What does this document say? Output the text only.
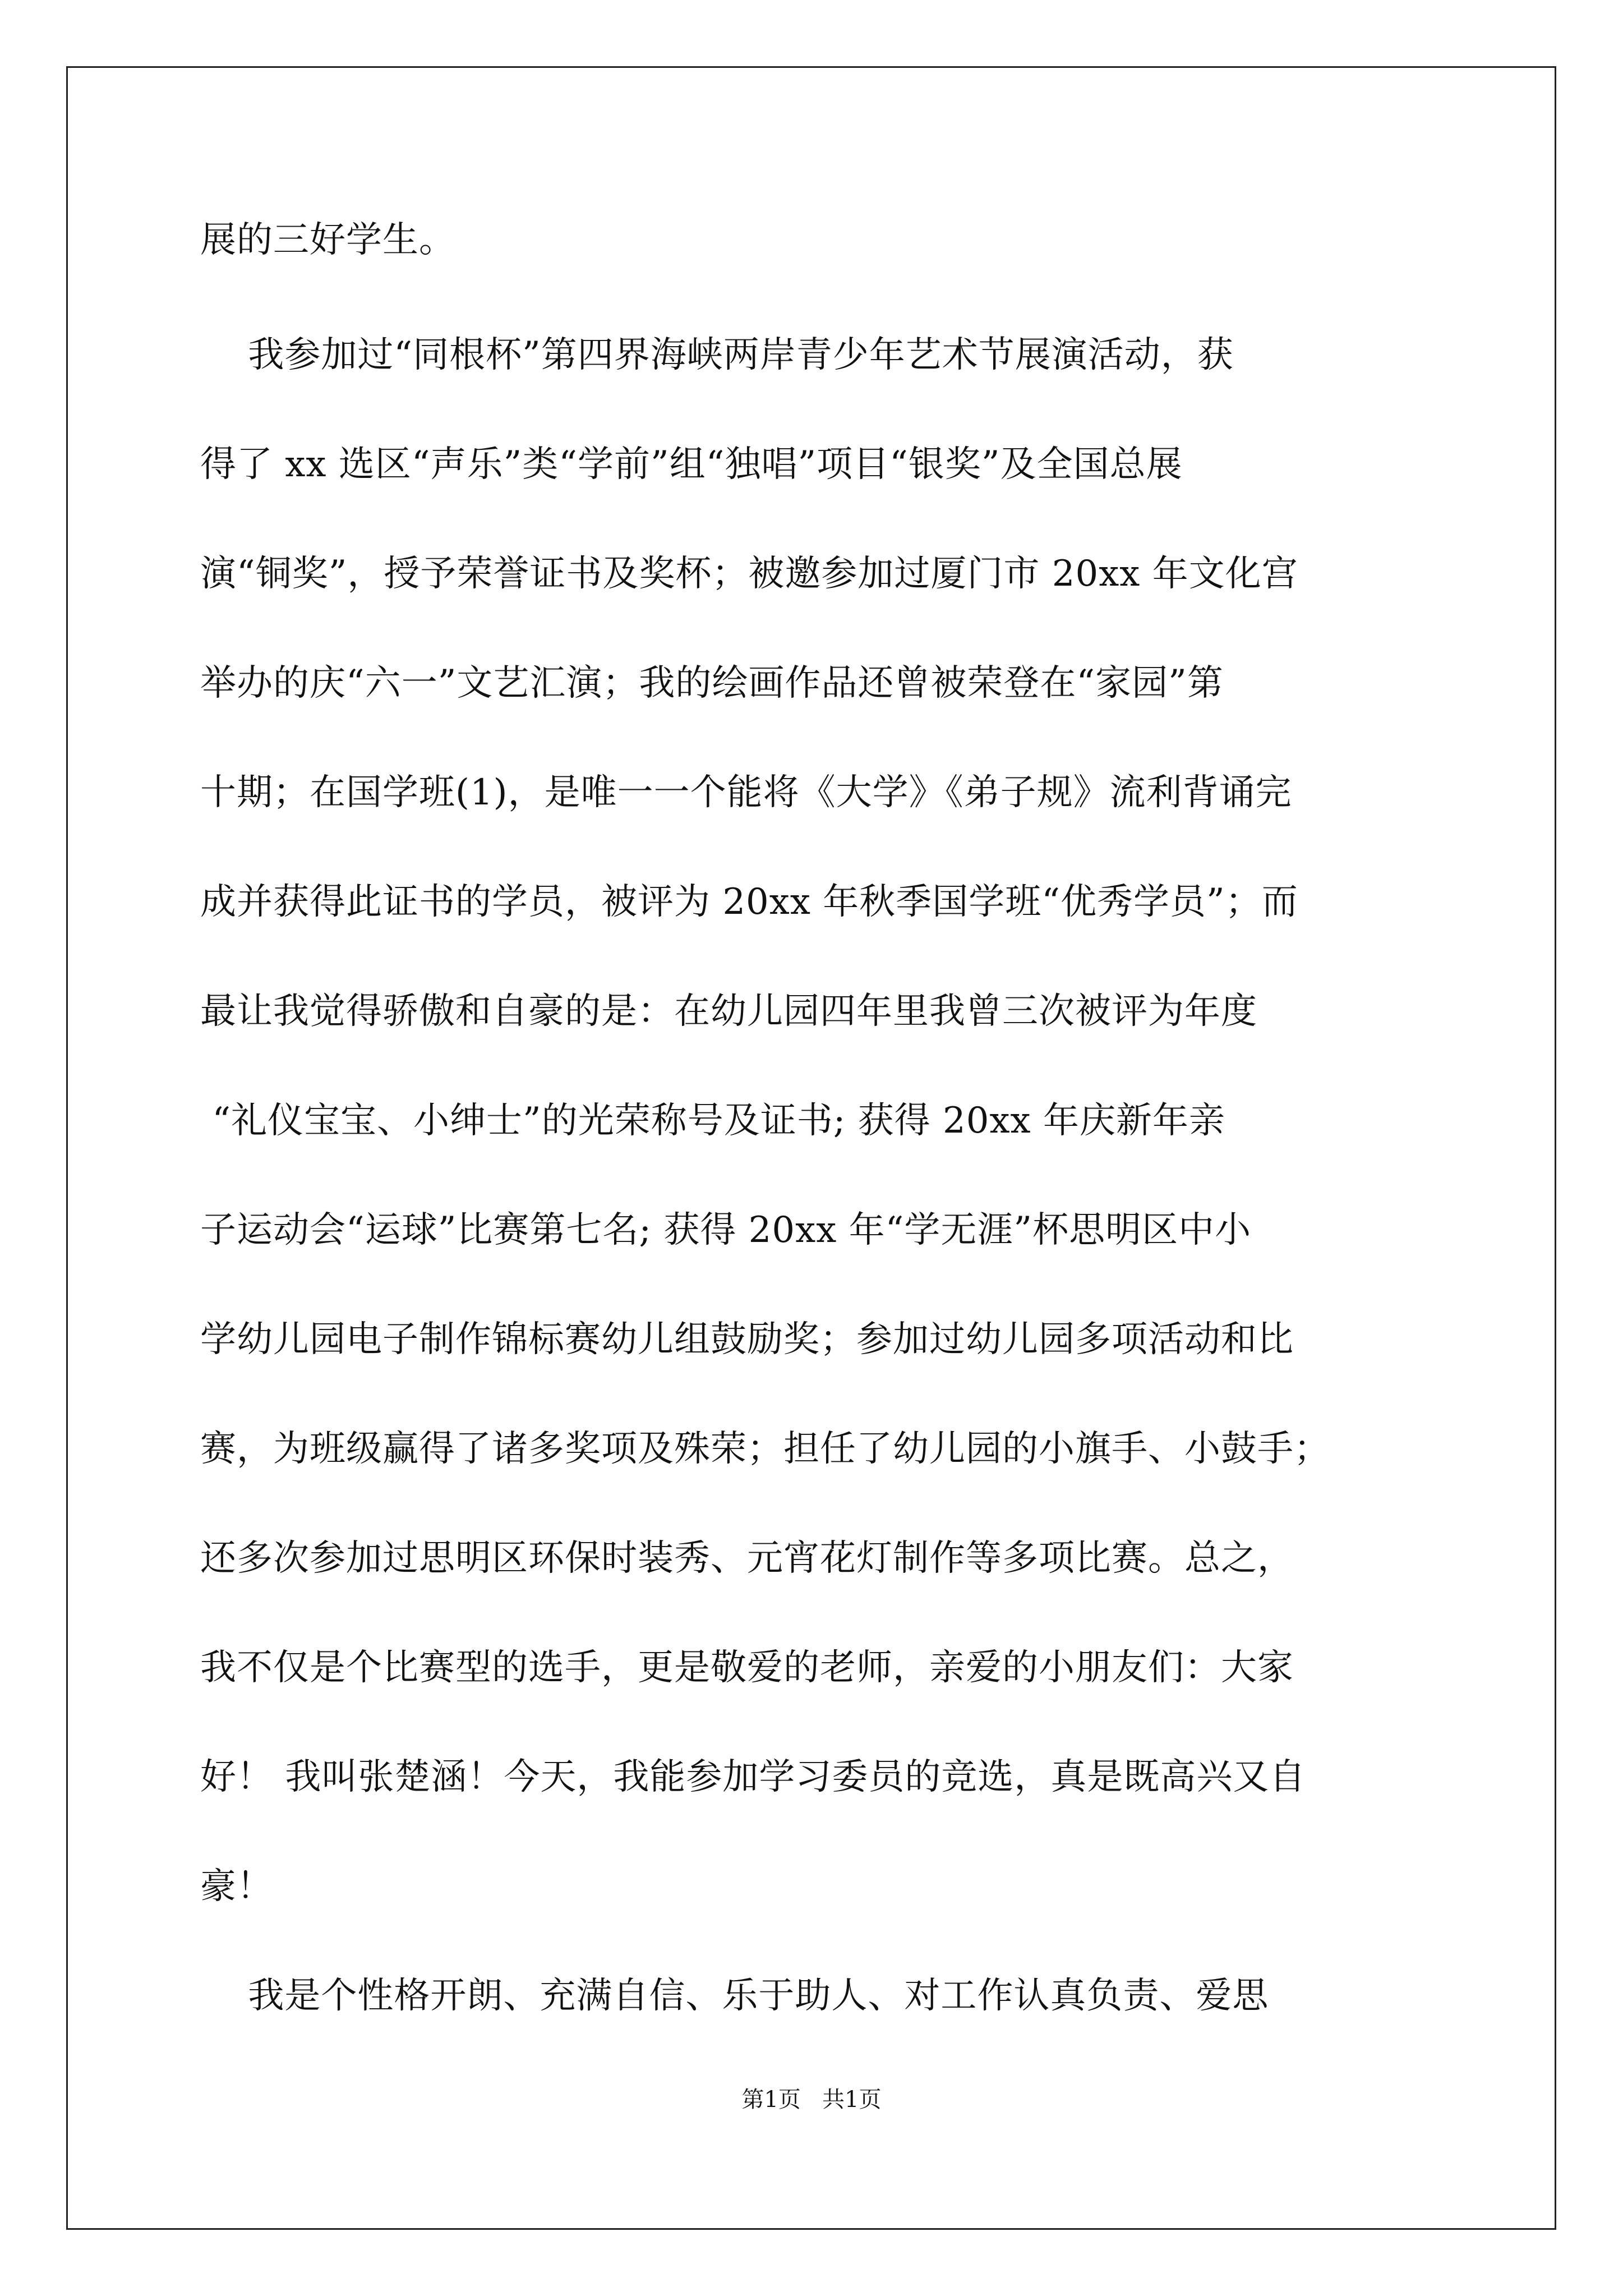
展的三好学生。
我参加过“同根杯”第四界海峡两岸青少年艺术节展演活动，获
得了 xx 选区“声乐”类“学前”组“独唱”项目“银奖”及全国总展
演“铜奖”，授予荣誉证书及奖杯；被邀参加过厦门市 20xx 年文化宫
举办的庆“六一”文艺汇演；我的绘画作品还曾被荣登在“家园”第
十期；在国学班(1)，是唯一一个能将《大学》《弟子规》流利背诵完
成并获得此证书的学员，被评为 20xx 年秋季国学班“优秀学员”；而
最让我觉得骄傲和自豪的是：在幼儿园四年里我曾三次被评为年度
“礼仪宝宝、小绅士”的光荣称号及证书; 获得 20xx 年庆新年亲
子运动会“运球”比赛第七名; 获得 20xx 年“学无涯”杯思明区中小
学幼儿园电子制作锦标赛幼儿组鼓励奖；参加过幼儿园多项活动和比
赛，为班级赢得了诸多奖项及殊荣；担任了幼儿园的小旗手、小鼓手；
还多次参加过思明区环保时装秀、元宵花灯制作等多项比赛。总之，
我不仅是个比赛型的选手，更是敬爱的老师，亲爱的小朋友们：大家
好！ 我叫张楚涵！今天，我能参加学习委员的竞选，真是既高兴又自
豪！
我是个性格开朗、充满自信、乐于助人、对工作认真负责、爱思
第1页   共1页
